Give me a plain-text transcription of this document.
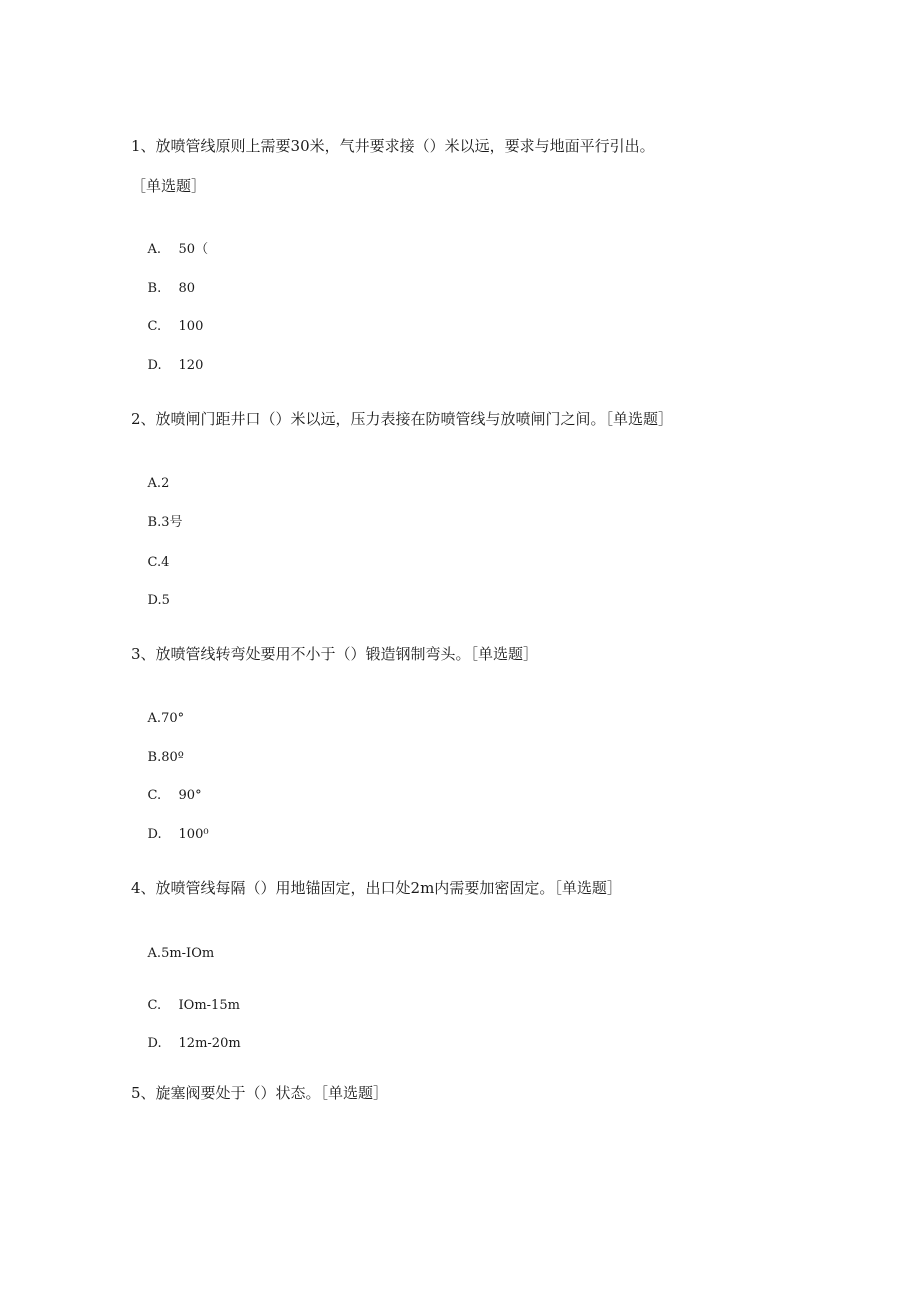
1、放喷管线原则上需要30米，气井要求接（）米以远，要求与地面平行引出。
［单选题］

A. 50（

B. 80

C. 100

D. 120

2、放喷闸门距井口（）米以远，压力表接在防喷管线与放喷闸门之间。［单选题］

A.2

B.3号

C.4

D.5

3、放喷管线转弯处要用不小于（）锻造钢制弯头。［单选题］

A.70°

B.80º

C. 90°

D. 100⁰

4、放喷管线每隔（）用地锚固定，出口处2m内需要加密固定。［单选题］

A.5m-IOm

C. IOm-15m

D. 12m-20m

5、旋塞阀要处于（）状态。［单选题］
